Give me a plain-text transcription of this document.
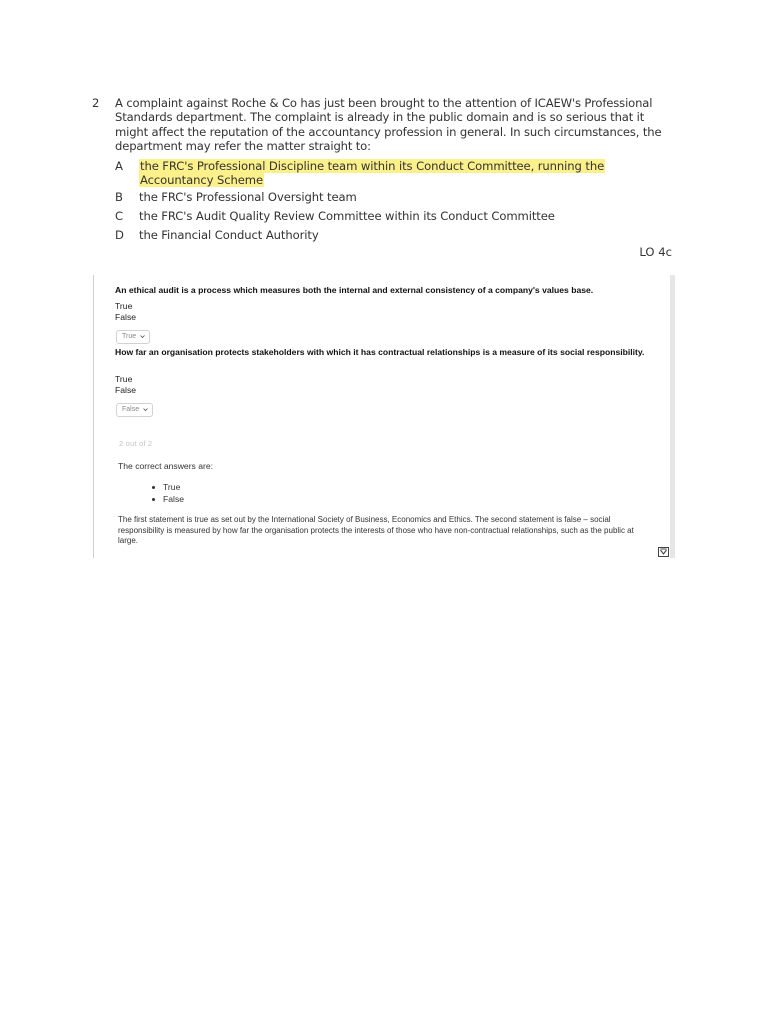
2	A complaint against Roche & Co has just been brought to the attention of ICAEW's Professional Standards department. The complaint is already in the public domain and is so serious that it might affect the reputation of the accountancy profession in general. In such circumstances, the department may refer the matter straight to:
A	the FRC's Professional Discipline team within its Conduct Committee, running the Accountancy Scheme
B	the FRC's Professional Oversight team
C	the FRC's Audit Quality Review Committee within its Conduct Committee
D	the Financial Conduct Authority
LO 4c
An ethical audit is a process which measures both the internal and external consistency of a company's values base.
True
False
True
How far an organisation protects stakeholders with which it has contractual relationships is a measure of its social responsibility.
True
False
False
2 out of 2
The correct answers are:
True
False
The first statement is true as set out by the International Society of Business, Economics and Ethics. The second statement is false – social responsibility is measured by how far the organisation protects the interests of those who have non-contractual relationships, such as the public at large.
